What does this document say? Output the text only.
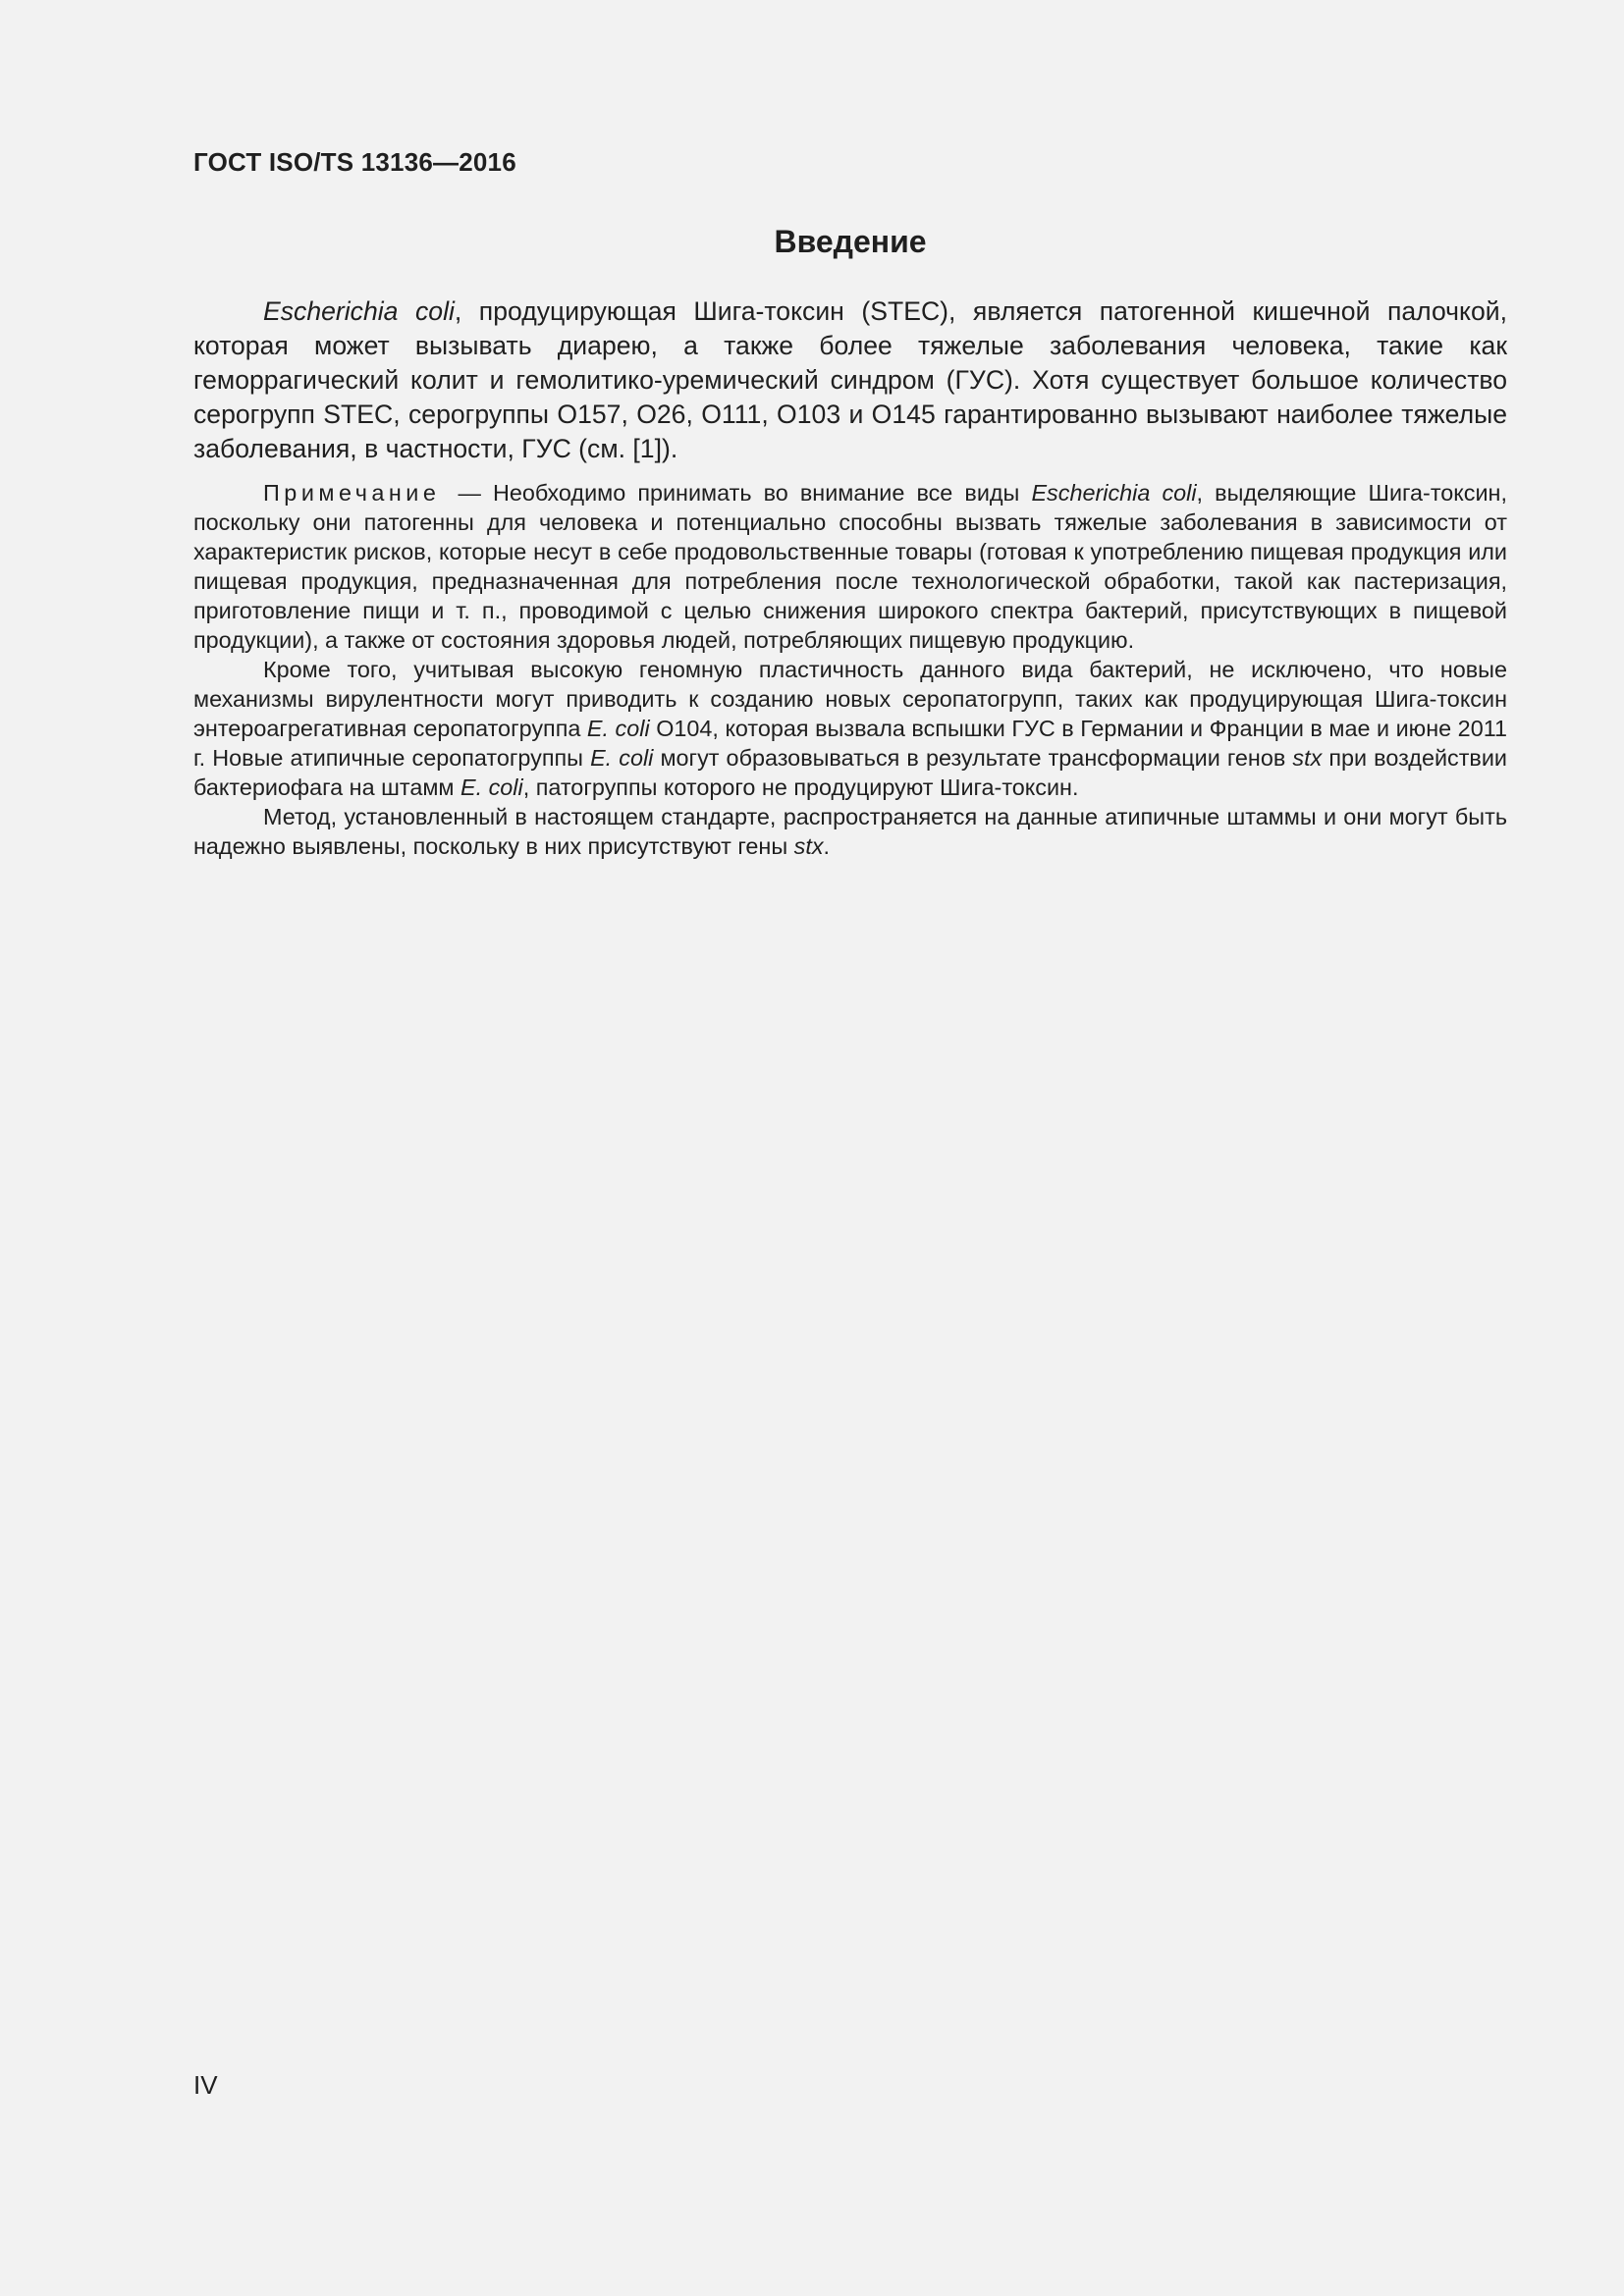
ГОСТ ISO/TS 13136—2016
Введение

Escherichia coli, продуцирующая Шига-токсин (STEC), является патогенной кишечной палочкой, которая может вызывать диарею, а также более тяжелые заболевания человека, такие как геморрагический колит и гемолитико-уремический синдром (ГУС). Хотя существует большое количество серогрупп STEC, серогруппы O157, O26, O111, O103 и O145 гарантированно вызывают наиболее тяжелые заболевания, в частности, ГУС (см. [1]).

Примечание — Необходимо принимать во внимание все виды Escherichia coli, выделяющие Шига-токсин, поскольку они патогенны для человека и потенциально способны вызвать тяжелые заболевания в зависимости от характеристик рисков, которые несут в себе продовольственные товары (готовая к употреблению пищевая продукция или пищевая продукция, предназначенная для потребления после технологической обработки, такой как пастеризация, приготовление пищи и т. п., проводимой с целью снижения широкого спектра бактерий, присутствующих в пищевой продукции), а также от состояния здоровья людей, потребляющих пищевую продукцию.

Кроме того, учитывая высокую геномную пластичность данного вида бактерий, не исключено, что новые механизмы вирулентности могут приводить к созданию новых серопатогрупп, таких как продуцирующая Шига-токсин энтероагрегативная серопатогруппа E. coli O104, которая вызвала вспышки ГУС в Германии и Франции в мае и июне 2011 г. Новые атипичные серопатогруппы E. coli могут образовываться в результате трансформации генов stx при воздействии бактериофага на штамм E. coli, патогруппы которого не продуцируют Шига-токсин.

Метод, установленный в настоящем стандарте, распространяется на данные атипичные штаммы и они могут быть надежно выявлены, поскольку в них присутствуют гены stx.

IV
